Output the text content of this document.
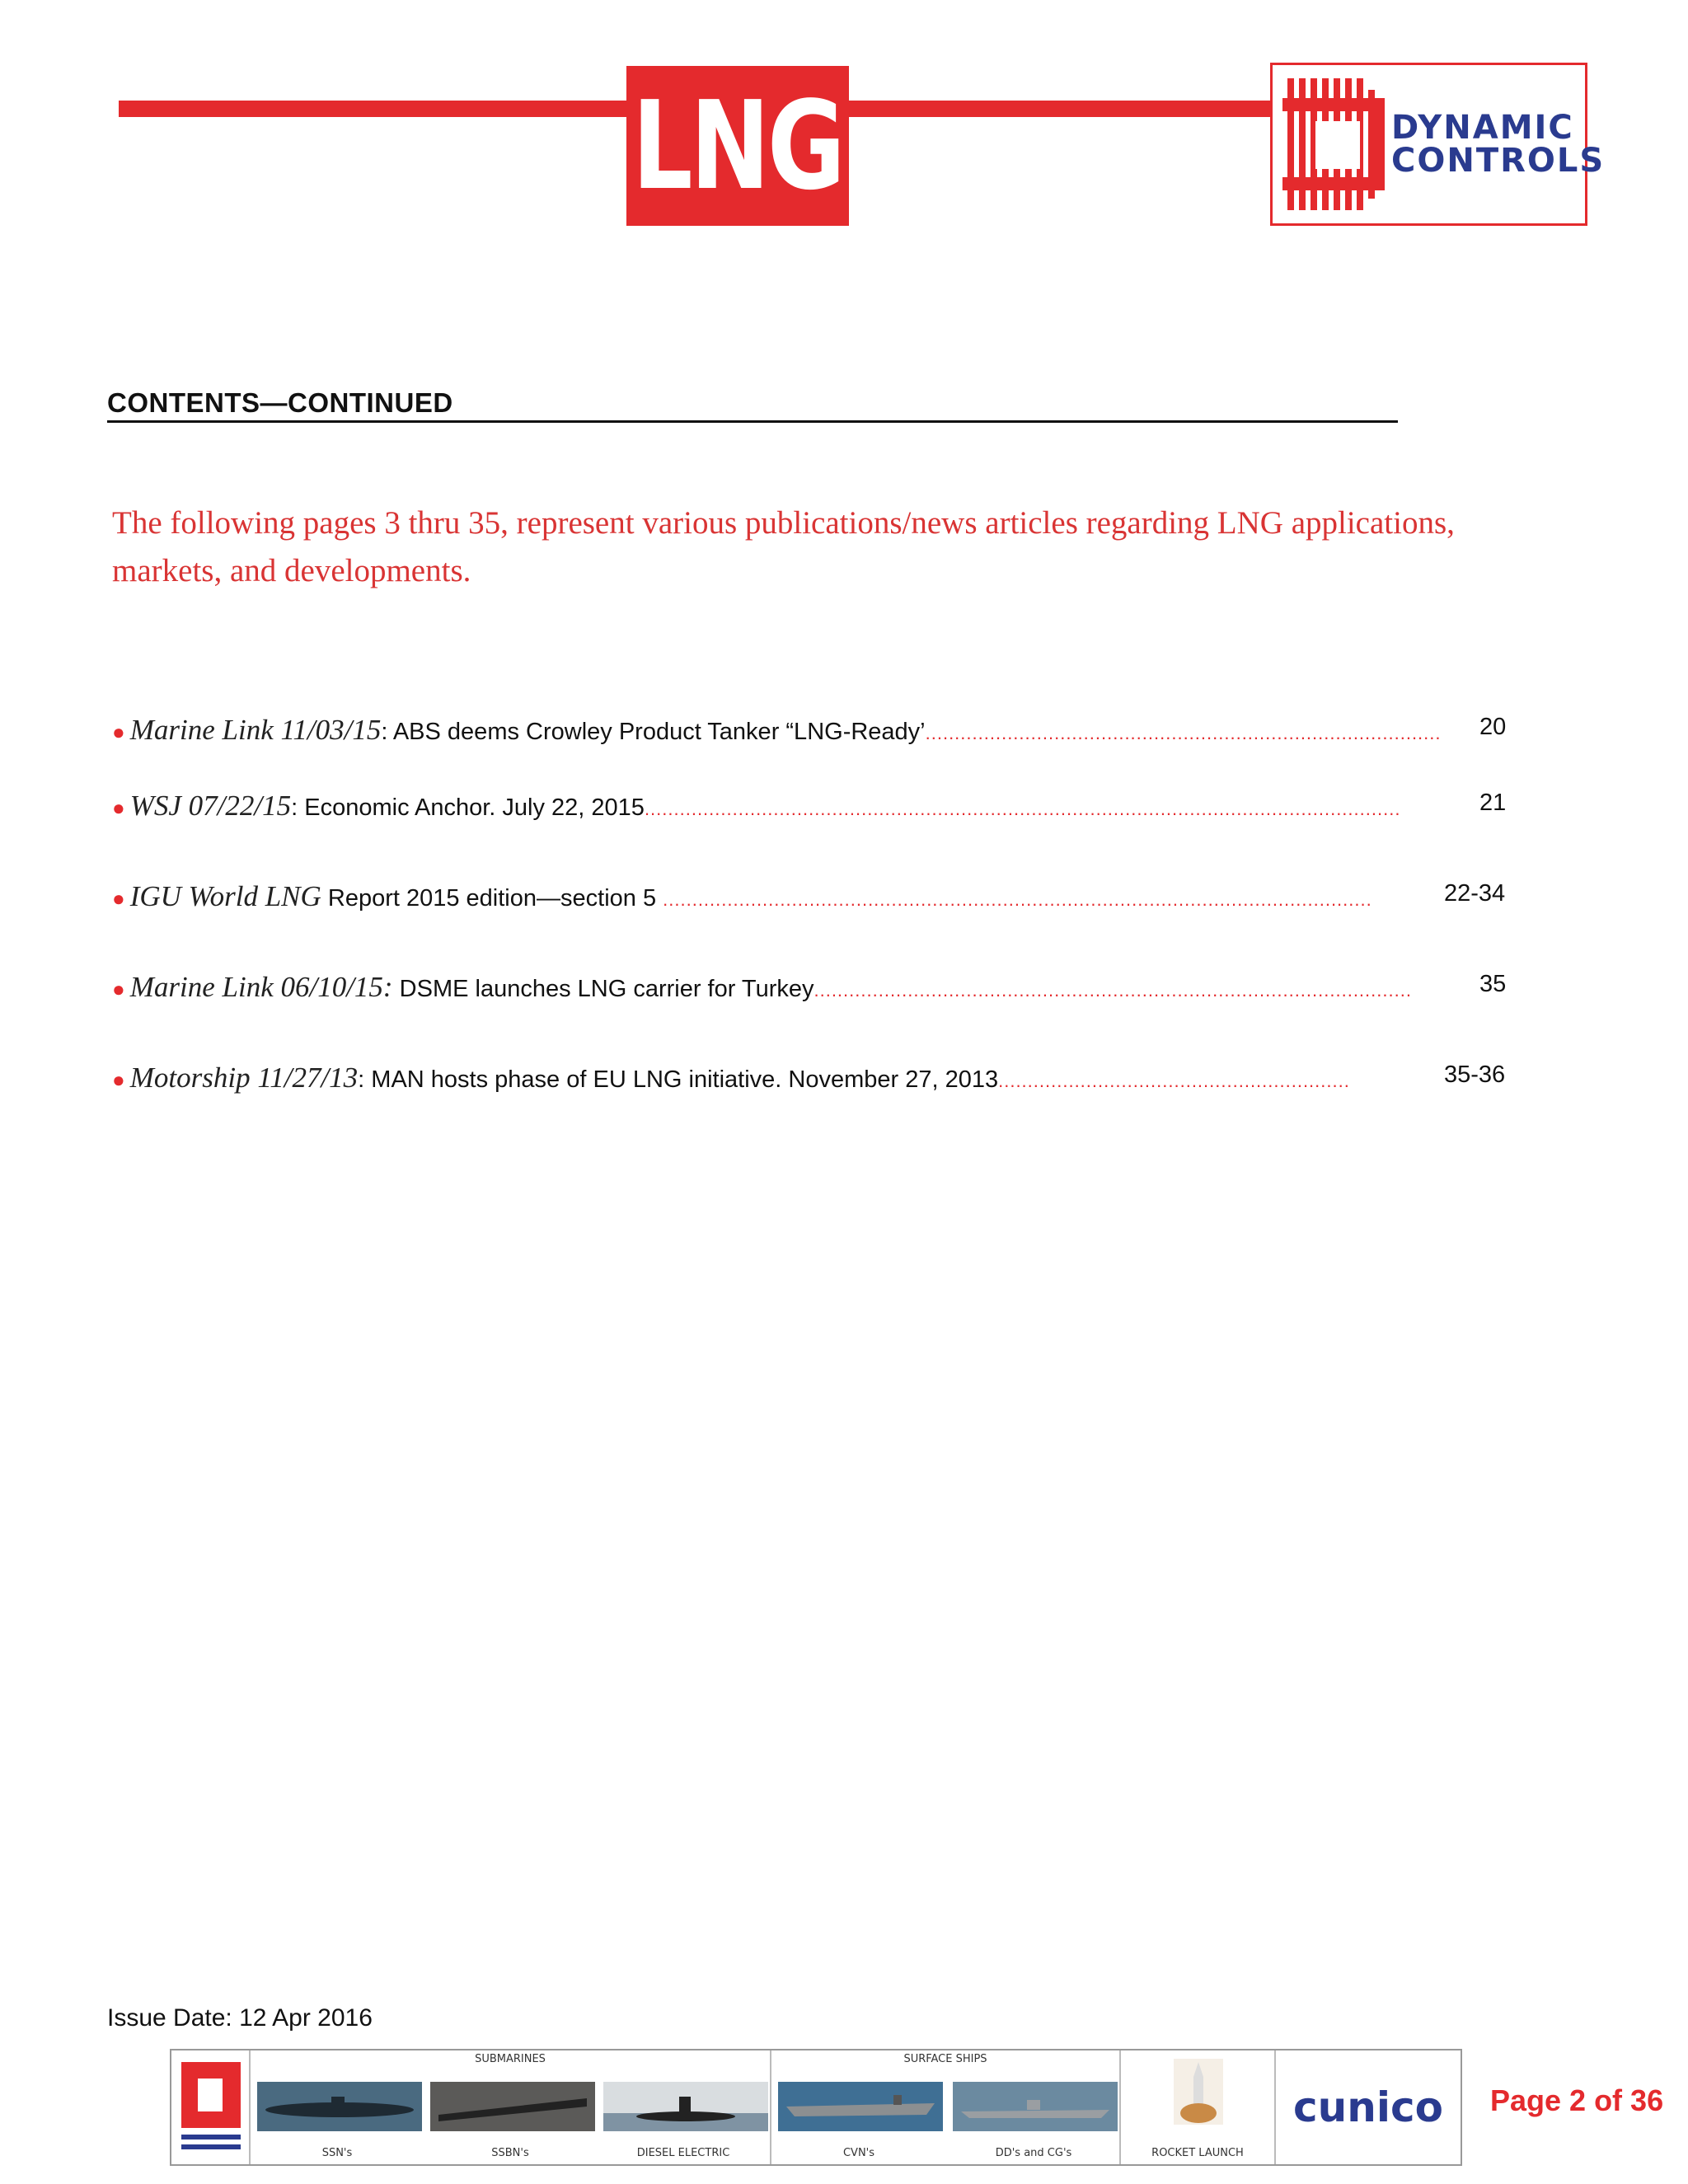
LNG	DYNAMIC
CONTROLS
CONTENTS—CONTINUED
The following pages 3 thru 35, represent various publications/news articles regarding LNG applications, markets, and developments.
● Marine Link 11/03/15: ABS deems Crowley Product Tanker “LNG-Ready’........................................................................................ 20
● WSJ 07/22/15: Economic Anchor. July 22, 2015.................................................................................................................................	21
● IGU World LNG Report 2015 edition—section 5 .........................................................................................................................	22-34
● Marine Link 06/10/15: DSME launches LNG carrier for Turkey......................................................................................................	35
● Motorship 11/27/13: MAN hosts phase of EU LNG initiative. November 27, 2013............................................................	35-36
Issue Date: 12 Apr 2016
SUBMARINES
SSN's	SSBN's	DIESEL ELECTRIC
SURFACE SHIPS
CVN's	DD's and CG's	ROCKET LAUNCH
cunico Page 2 of 36
